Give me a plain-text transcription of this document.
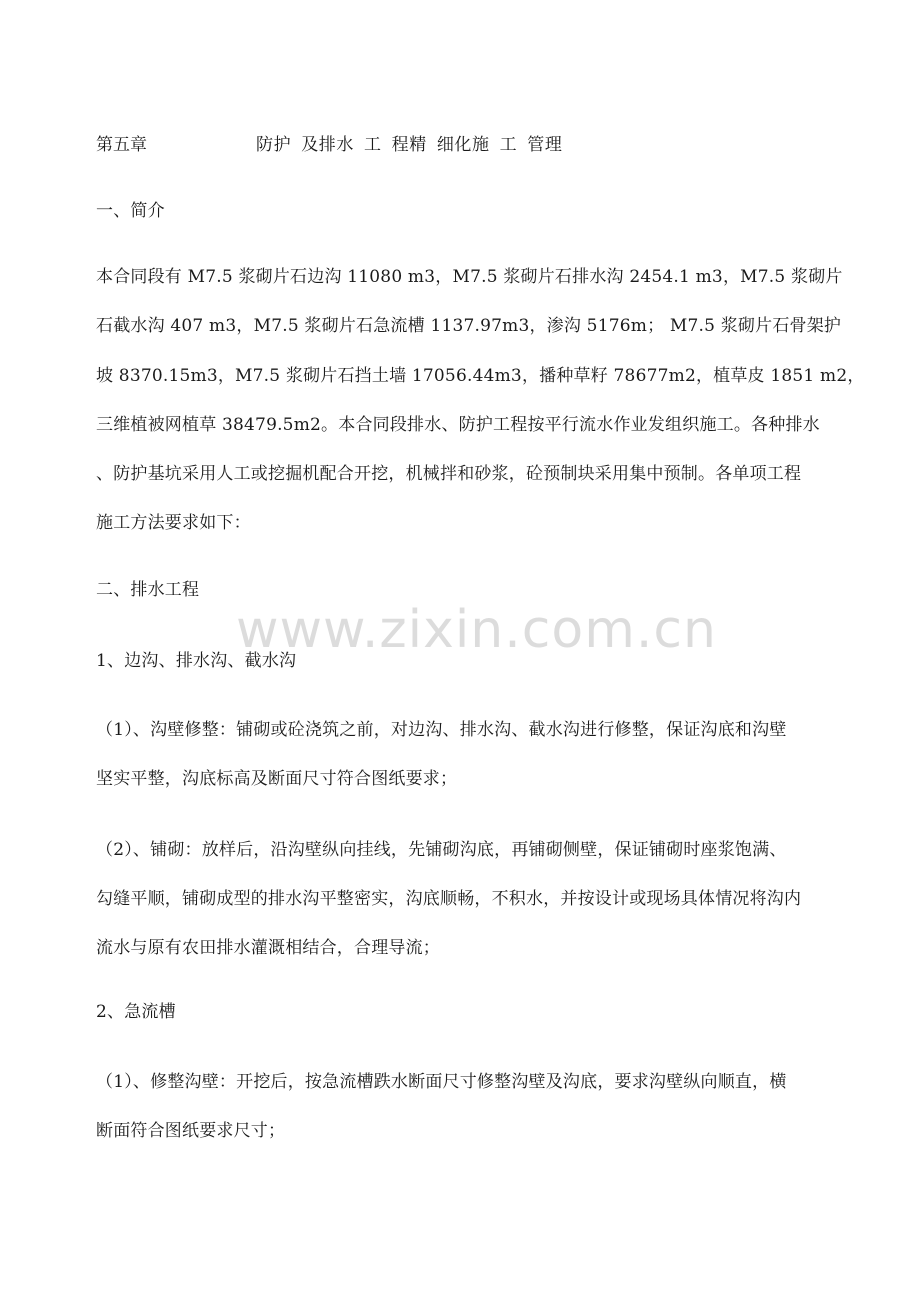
第五章	防护 及排水 工 程精 细化施 工 管理
一、简介
本合同段有 M7.5 浆砌片石边沟 11080 m3，M7.5 浆砌片石排水沟 2454.1 m3，M7.5 浆砌片
石截水沟 407 m3，M7.5 浆砌片石急流槽 1137.97m3，渗沟 5176m； M7.5 浆砌片石骨架护
坡 8370.15m3，M7.5 浆砌片石挡土墙 17056.44m3，播种草籽 78677m2，植草皮 1851 m2，
三维植被网植草 38479.5m2。本合同段排水、防护工程按平行流水作业发组织施工。各种排水
、防护基坑采用人工或挖掘机配合开挖，机械拌和砂浆，砼预制块采用集中预制。各单项工程
施工方法要求如下：
二、排水工程
1、边沟、排水沟、截水沟
（1）、沟壁修整：铺砌或砼浇筑之前，对边沟、排水沟、截水沟进行修整，保证沟底和沟壁
坚实平整，沟底标高及断面尺寸符合图纸要求；
（2）、铺砌：放样后，沿沟壁纵向挂线，先铺砌沟底，再铺砌侧壁，保证铺砌时座浆饱满、
勾缝平顺，铺砌成型的排水沟平整密实，沟底顺畅，不积水，并按设计或现场具体情况将沟内
流水与原有农田排水灌溉相结合，合理导流；
2、急流槽
（1）、修整沟壁：开挖后，按急流槽跌水断面尺寸修整沟壁及沟底，要求沟壁纵向顺直，横
断面符合图纸要求尺寸；
www.zixin.com.cn
